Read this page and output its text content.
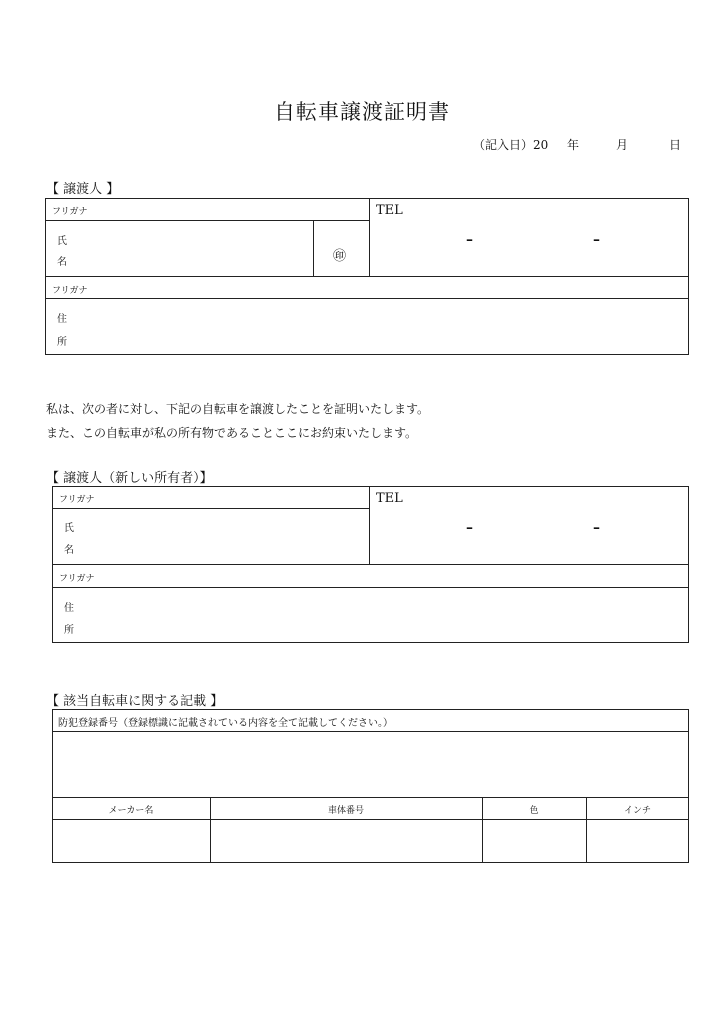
自転車譲渡証明書
（記入日）20 年	月	日
【 譲渡人 】
フリガナ
氏
名	㊞
TEL
–	–
フリガナ
住
所
私は、次の者に対し、下記の自転車を譲渡したことを証明いたします。
また、この自転車が私の所有物であることここにお約束いたします。
【 譲渡人（新しい所有者）】
フリガナ
氏
名
TEL
–	–
フリガナ
住
所
【 該当自転車に関する記載 】
防犯登録番号（登録標識に記載されている内容を全て記載してください。）
メーカー名	車体番号	色	インチ
